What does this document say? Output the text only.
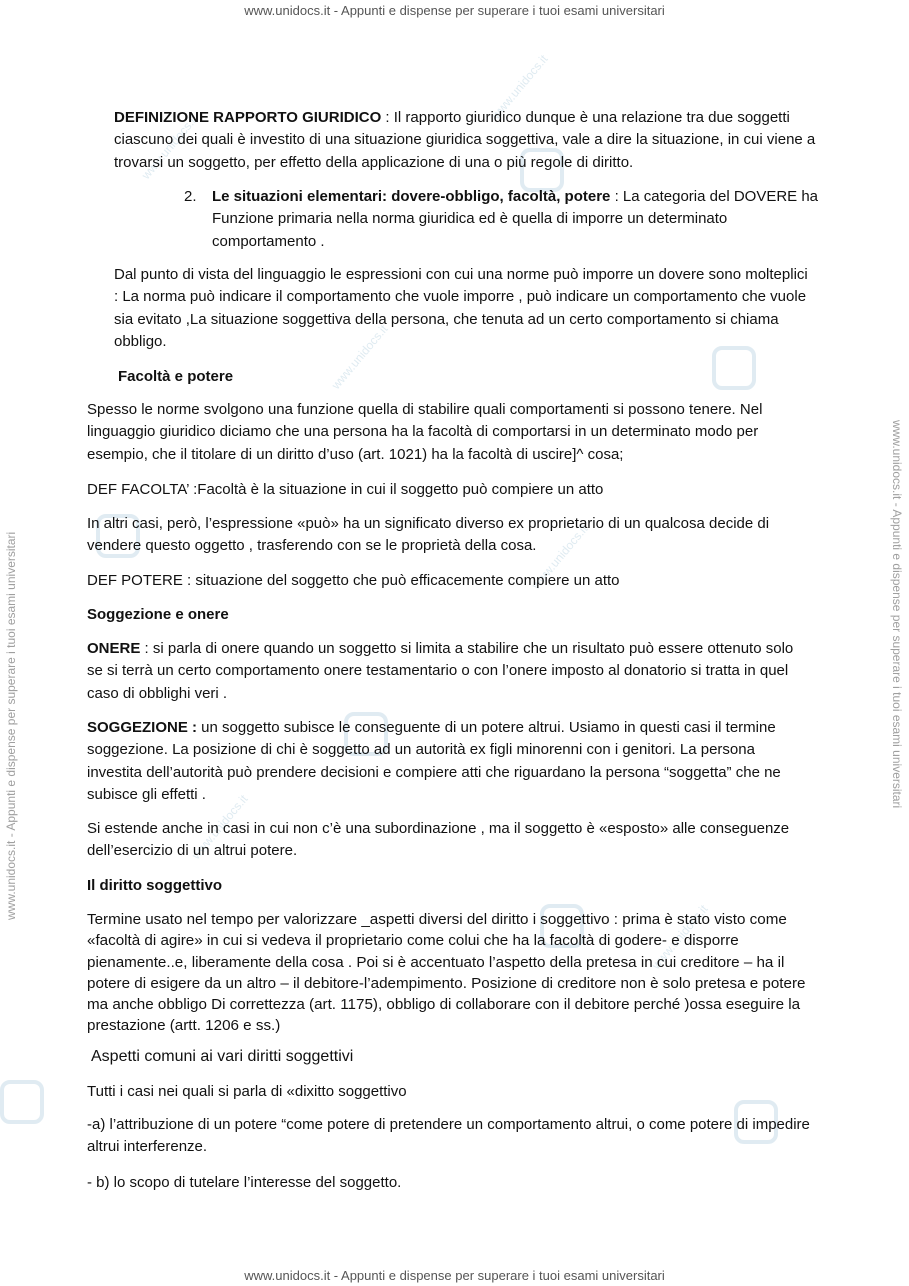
www.unidocs.it - Appunti e dispense per superare i tuoi esami universitari
www.unidocs.it - Appunti e dispense per superare i tuoi esami universitari
www.unidocs.it - Appunti e dispense per superare i tuoi esami universitari	www.unidocs.it - Appunti e dispense per superare i tuoi esami universitari
www.unidocs.it
www.unidocs.it
www.unidocs.it
www.unidocs.it
www.unidocs.it
www.unidocs.it

DEFINIZIONE RAPPORTO GIURIDICO : Il rapporto giuridico dunque è una relazione tra due soggetti ciascuno dei quali è investito di una situazione giuridica soggettiva, vale a dire la situazione, in cui viene a trovarsi un soggetto, per effetto della applicazione di una o più regole di diritto.

2.	Le situazioni elementari: dovere-obbligo, facoltà, potere : La categoria del DOVERE ha Funzione primaria nella norma giuridica ed è quella di imporre un determinato comportamento .

Dal punto di vista del linguaggio le espressioni con cui una norme può imporre un dovere sono molteplici : La norma può indicare il comportamento che vuole imporre , può indicare un comportamento che vuole sia evitato ,La situazione soggettiva della persona, che tenuta ad un certo comportamento si chiama obbligo.

Facoltà e potere

Spesso le norme svolgono una funzione quella di stabilire quali comportamenti si possono tenere. Nel linguaggio giuridico diciamo che una persona ha la facoltà di comportarsi in un determinato modo per esempio, che il titolare di un diritto d’uso (art. 1021) ha la facoltà di uscire]^ cosa;

DEF FACOLTA’ :Facoltà è la situazione in cui il soggetto può compiere un atto

In altri casi, però, l’espressione «può» ha un significato diverso ex proprietario di un qualcosa decide di vendere questo oggetto , trasferendo con se le proprietà della cosa.

DEF POTERE : situazione del soggetto che può efficacemente compiere un atto

Soggezione e onere

ONERE : si parla di onere quando un soggetto si limita a stabilire che un risultato può essere ottenuto solo se si terrà un certo comportamento onere testamentario o con l’onere imposto al donatorio si tratta in quel caso di obblighi veri .

SOGGEZIONE : un soggetto subisce le conseguente di un potere altrui. Usiamo in questi casi il termine soggezione. La posizione di chi è soggetto ad un autorità ex figli minorenni con i genitori. La persona investita dell’autorità può prendere decisioni e compiere atti che riguardano la persona “soggetta” che ne subisce gli effetti .

Si estende anche in casi in cui non c’è una subordinazione , ma il soggetto è «esposto» alle conseguenze dell’esercizio di un altrui potere.

Il diritto soggettivo

Termine usato nel tempo per valorizzare _aspetti diversi del diritto i soggettivo : prima è stato visto come «facoltà di agire» in cui si vedeva il proprietario come colui che ha la facoltà di godere- e disporre pienamente..e, liberamente della cosa . Poi si è accentuato l’aspetto della pretesa in cui creditore – ha il potere di esigere da un altro – il debitore-l’adempimento. Posizione di creditore non è solo pretesa e potere ma anche obbligo Di correttezza (art. 1175), obbligo di collaborare con il debitore perché )ossa eseguire la prestazione (artt. 1206 e ss.)

Aspetti comuni ai vari diritti soggettivi

Tutti i casi nei quali si parla di «dixitto soggettivo

-a) l’attribuzione di un potere “come potere di pretendere un comportamento altrui, o come potere di impedire altrui interferenze.

- b) lo scopo di tutelare l’interesse del soggetto.
